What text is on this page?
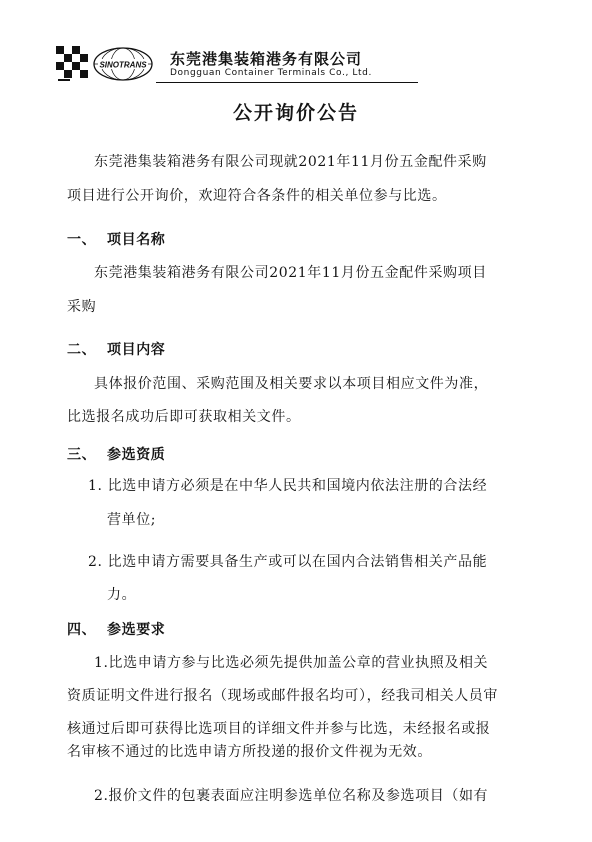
SINOTRANS 东莞港集装箱港务有限公司
Dongguan Container Terminals Co., Ltd.
公开询价公告
东莞港集装箱港务有限公司现就2021年11月份五金配件采购
项目进行公开询价，欢迎符合各条件的相关单位参与比选。
一、 项目名称
东莞港集装箱港务有限公司2021年11月份五金配件采购项目
采购
二、 项目内容
具体报价范围、采购范围及相关要求以本项目相应文件为准，
比选报名成功后即可获取相关文件。
三、 参选资质
1. 比选申请方必须是在中华人民共和国境内依法注册的合法经
营单位;
2. 比选申请方需要具备生产或可以在国内合法销售相关产品能
力。
四、 参选要求
1.比选申请方参与比选必须先提供加盖公章的营业执照及相关
资质证明文件进行报名（现场或邮件报名均可），经我司相关人员审
核通过后即可获得比选项目的详细文件并参与比选，未经报名或报
名审核不通过的比选申请方所投递的报价文件视为无效。
2.报价文件的包裹表面应注明参选单位名称及参选项目（如有
